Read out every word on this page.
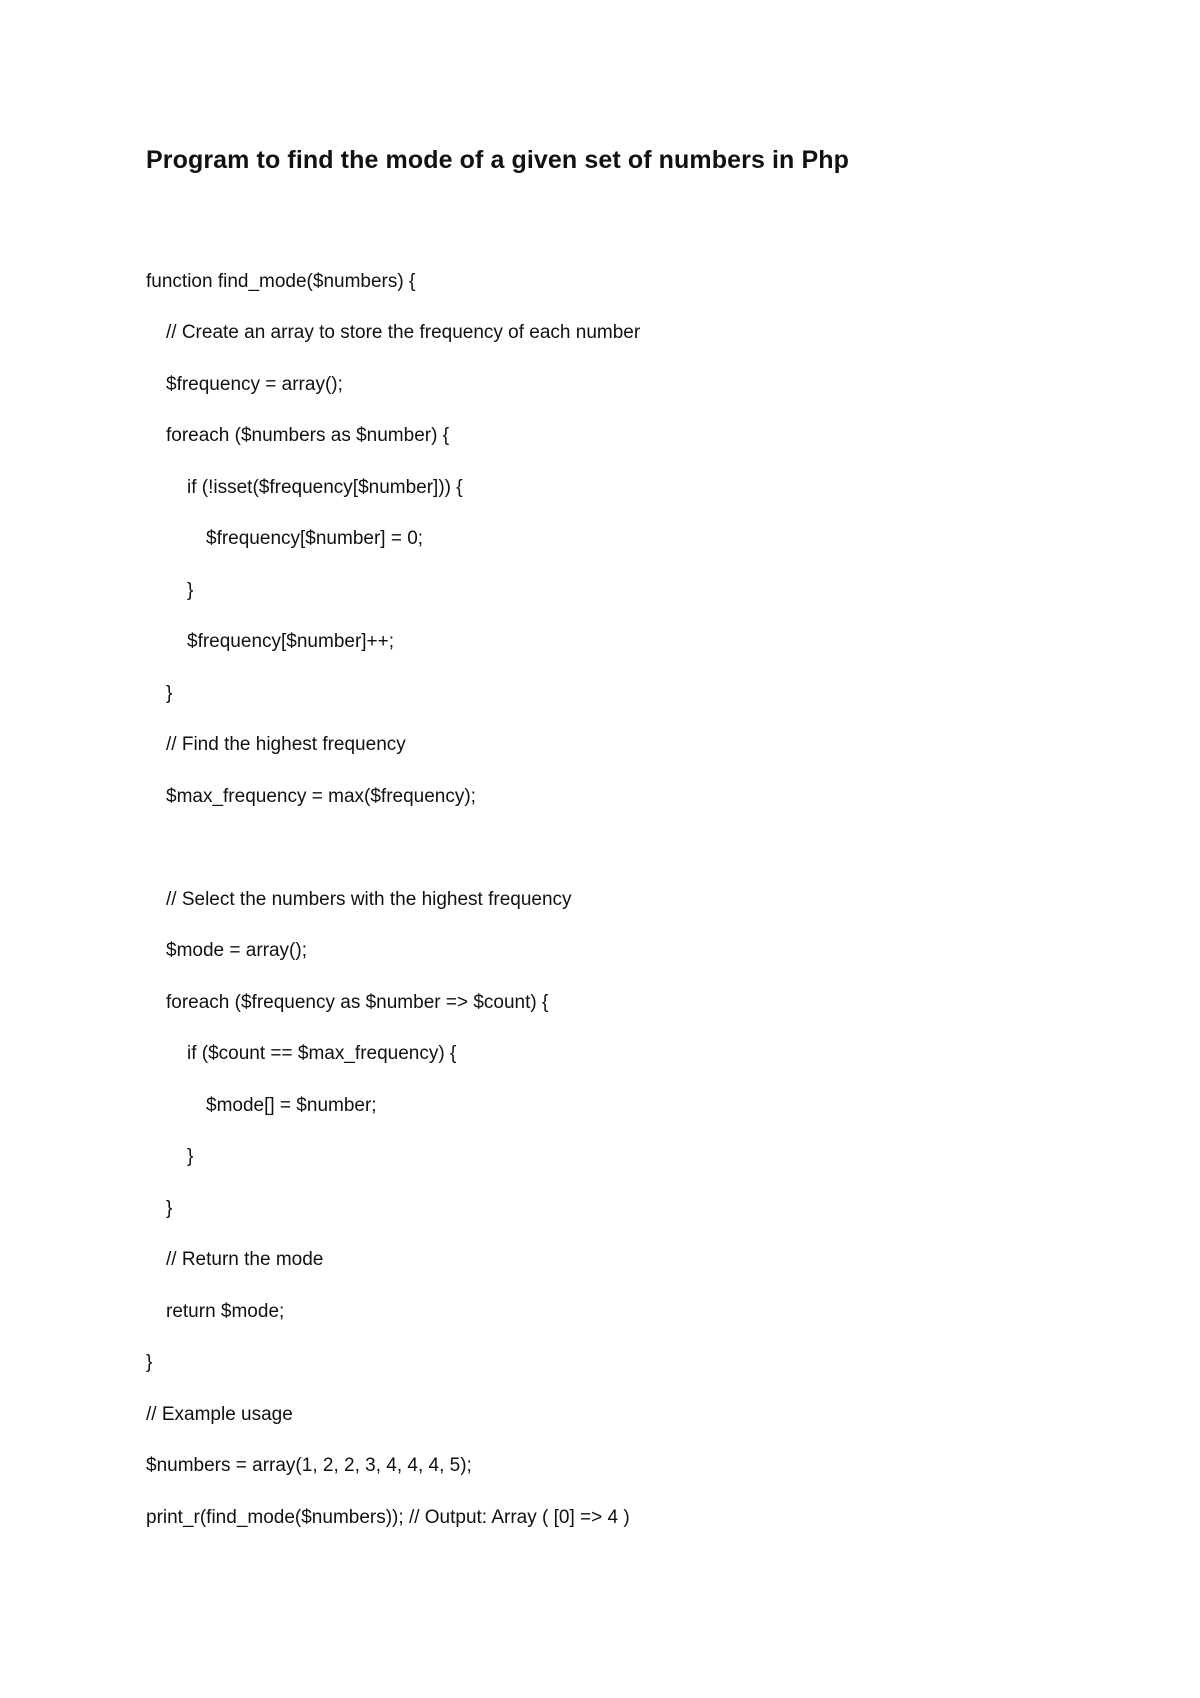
Program to find the mode of a given set of numbers in Php

function find_mode($numbers) {

// Create an array to store the frequency of each number

$frequency = array();

foreach ($numbers as $number) {

if (!isset($frequency[$number])) {

$frequency[$number] = 0;

}

$frequency[$number]++;

}

// Find the highest frequency

$max_frequency = max($frequency);

// Select the numbers with the highest frequency

$mode = array();

foreach ($frequency as $number => $count) {

if ($count == $max_frequency) {

$mode[] = $number;

}

}

// Return the mode

return $mode;

}

// Example usage

$numbers = array(1, 2, 2, 3, 4, 4, 4, 5);

print_r(find_mode($numbers)); // Output: Array ( [0] => 4 )
